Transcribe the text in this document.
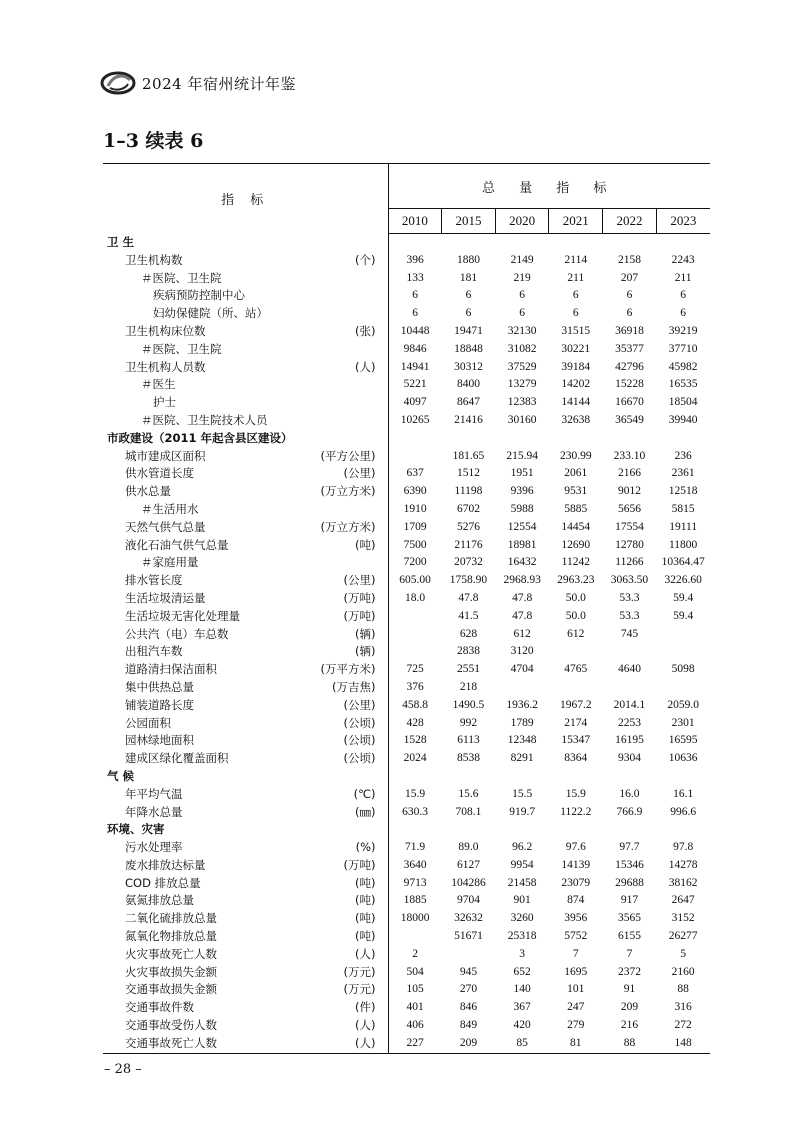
2024 年宿州统计年鉴
1–3 续表 6
指 标	总 量 指 标					
	2010	2015	2020	2021	2022	2023

卫 生						

卫生机构数 (个)	396	1880	2149	2114	2158	2243

＃医院、卫生院	133	181	219	211	207	211

疾病预防控制中心	6	6	6	6	6	6

妇幼保健院（所、站）	6	6	6	6	6	6

卫生机构床位数 (张)	10448	19471	32130	31515	36918	39219

＃医院、卫生院	9846	18848	31082	30221	35377	37710

卫生机构人员数 (人)	14941	30312	37529	39184	42796	45982

＃医生	5221	8400	13279	14202	15228	16535

护士	4097	8647	12383	14144	16670	18504

＃医院、卫生院技术人员	10265	21416	30160	32638	36549	39940

市政建设（2011 年起含县区建设）						

城市建成区面积 (平方公里)		181.65	215.94	230.99	233.10	236

供水管道长度 (公里)	637	1512	1951	2061	2166	2361

供水总量 (万立方米)	6390	11198	9396	9531	9012	12518

＃生活用水	1910	6702	5988	5885	5656	5815

天然气供气总量 (万立方米)	1709	5276	12554	14454	17554	19111

液化石油气供气总量 (吨)	7500	21176	18981	12690	12780	11800

＃家庭用量	7200	20732	16432	11242	11266	10364.47

排水管长度 (公里)	605.00	1758.90	2968.93	2963.23	3063.50	3226.60

生活垃圾清运量 (万吨)	18.0	47.8	47.8	50.0	53.3	59.4

生活垃圾无害化处理量 (万吨)		41.5	47.8	50.0	53.3	59.4

公共汽（电）车总数 (辆)		628	612	612	745	

出租汽车数 (辆)		2838	3120			

道路清扫保洁面积 (万平方米)	725	2551	4704	4765	4640	5098

集中供热总量 (万吉焦)	376	218				

铺装道路长度 (公里)	458.8	1490.5	1936.2	1967.2	2014.1	2059.0

公园面积 (公顷)	428	992	1789	2174	2253	2301

园林绿地面积 (公顷)	1528	6113	12348	15347	16195	16595

建成区绿化覆盖面积 (公顷)	2024	8538	8291	8364	9304	10636

气 候						

年平均气温 (℃)	15.9	15.6	15.5	15.9	16.0	16.1

年降水总量 (㎜)	630.3	708.1	919.7	1122.2	766.9	996.6

环境、灾害						

污水处理率 (%)	71.9	89.0	96.2	97.6	97.7	97.8

废水排放达标量 (万吨)	3640	6127	9954	14139	15346	14278

COD 排放总量 (吨)	9713	104286	21458	23079	29688	38162

氨氮排放总量 (吨)	1885	9704	901	874	917	2647

二氧化硫排放总量 (吨)	18000	32632	3260	3956	3565	3152

氮氧化物排放总量 (吨)		51671	25318	5752	6155	26277

火灾事故死亡人数 (人)	2		3	7	7	5

火灾事故损失金额 (万元)	504	945	652	1695	2372	2160

交通事故损失金额 (万元)	105	270	140	101	91	88

交通事故件数 (件)	401	846	367	247	209	316

交通事故受伤人数 (人)	406	849	420	279	216	272

交通事故死亡人数 (人)	227	209	85	81	88	148
– 28 –
